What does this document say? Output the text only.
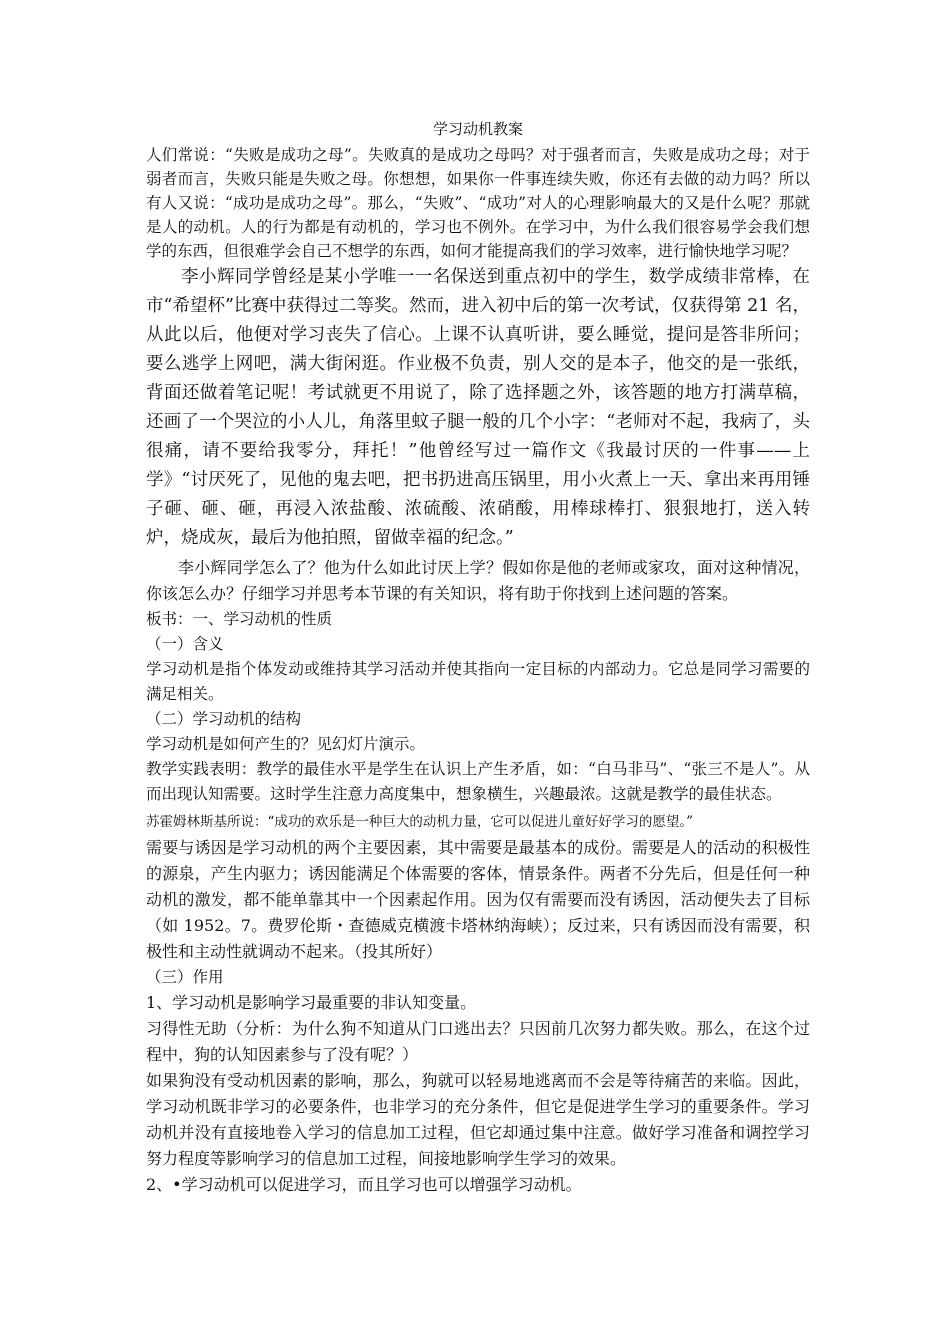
学习动机教案

人们常说：“失败是成功之母”。失败真的是成功之母吗？对于强者而言，失败是成功之母；对于弱者而言，失败只能是失败之母。你想想，如果你一件事连续失败，你还有去做的动力吗？所以有人又说：“成功是成功之母”。那么，“失败”、“成功”对人的心理影响最大的又是什么呢？那就是人的动机。人的行为都是有动机的，学习也不例外。在学习中，为什么我们很容易学会我们想学的东西，但很难学会自己不想学的东西，如何才能提高我们的学习效率，进行愉快地学习呢？

李小辉同学曾经是某小学唯一一名保送到重点初中的学生，数学成绩非常棒，在市“希望杯”比赛中获得过二等奖。然而，进入初中后的第一次考试，仅获得第 21 名，从此以后，他便对学习丧失了信心。上课不认真听讲，要么睡觉，提问是答非所问；要么逃学上网吧，满大街闲逛。作业极不负责，别人交的是本子，他交的是一张纸，背面还做着笔记呢！考试就更不用说了，除了选择题之外，该答题的地方打满草稿，还画了一个哭泣的小人儿，角落里蚊子腿一般的几个小字：“老师对不起，我病了，头很痛，请不要给我零分，拜托！”他曾经写过一篇作文《我最讨厌的一件事——上学》“讨厌死了，见他的鬼去吧，把书扔进高压锅里，用小火煮上一天、拿出来再用锤子砸、砸、砸，再浸入浓盐酸、浓硫酸、浓硝酸，用棒球棒打、狠狠地打，送入转炉，烧成灰，最后为他拍照，留做幸福的纪念。”

李小辉同学怎么了？他为什么如此讨厌上学？假如你是他的老师或家攻，面对这种情况，你该怎么办？仔细学习并思考本节课的有关知识，将有助于你找到上述问题的答案。

板书：一、学习动机的性质

（一）含义

学习动机是指个体发动或维持其学习活动并使其指向一定目标的内部动力。它总是同学习需要的满足相关。

（二）学习动机的结构

学习动机是如何产生的？见幻灯片演示。

教学实践表明：教学的最佳水平是学生在认识上产生矛盾，如：“白马非马”、“张三不是人”。从而出现认知需要。这时学生注意力高度集中，想象横生，兴趣最浓。这就是教学的最佳状态。

苏霍姆林斯基所说：“成功的欢乐是一种巨大的动机力量，它可以促进儿童好好学习的愿望。”

需要与诱因是学习动机的两个主要因素，其中需要是最基本的成份。需要是人的活动的积极性的源泉，产生内驱力；诱因能满足个体需要的客体，情景条件。两者不分先后，但是任何一种动机的激发，都不能单靠其中一个因素起作用。因为仅有需要而没有诱因，活动便失去了目标（如 1952。7。费罗伦斯・查德威克横渡卡塔林纳海峡）；反过来，只有诱因而没有需要，积极性和主动性就调动不起来。（投其所好）

（三）作用

1、学习动机是影响学习最重要的非认知变量。

习得性无助（分析：为什么狗不知道从门口逃出去？只因前几次努力都失败。那么，在这个过程中，狗的认知因素参与了没有呢？）

如果狗没有受动机因素的影响，那么，狗就可以轻易地逃离而不会是等待痛苦的来临。因此，学习动机既非学习的必要条件，也非学习的充分条件，但它是促进学生学习的重要条件。学习动机并没有直接地卷入学习的信息加工过程，但它却通过集中注意。做好学习准备和调控学习努力程度等影响学习的信息加工过程，间接地影响学生学习的效果。

2、•学习动机可以促进学习，而且学习也可以增强学习动机。
